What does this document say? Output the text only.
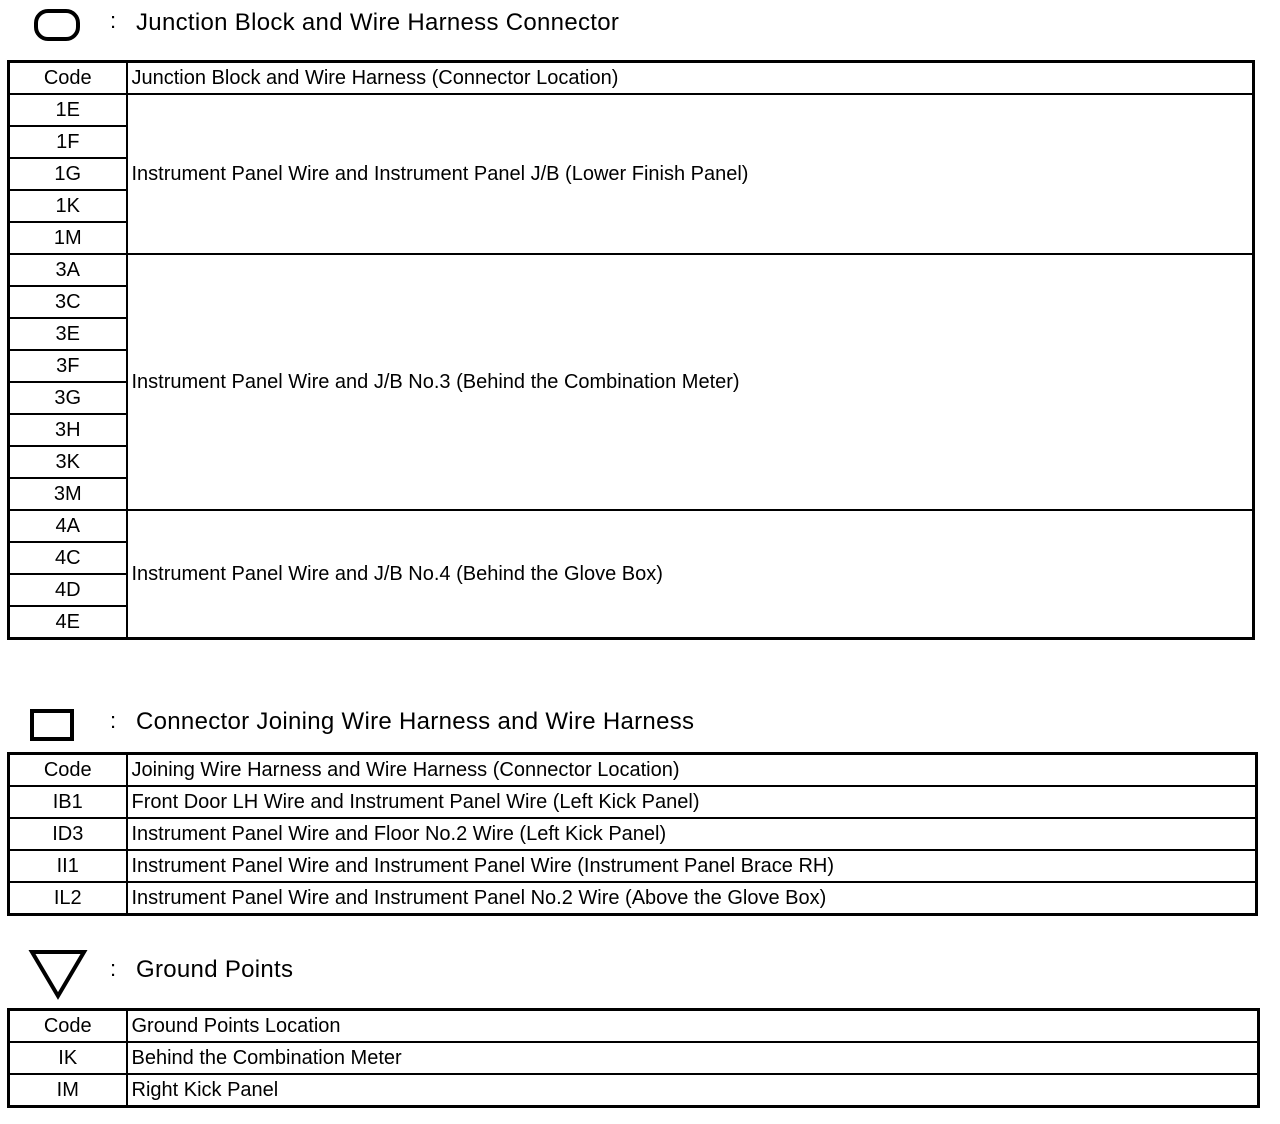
: Junction Block and Wire Harness Connector
Code	Junction Block and Wire Harness (Connector Location)
1E	Instrument Panel Wire and Instrument Panel J/B (Lower Finish Panel)
1F	
1G	
1K	
1M	
3A	Instrument Panel Wire and J/B No.3 (Behind the Combination Meter)
3C	
3E	
3F	
3G	
3H	
3K	
3M	
4A	Instrument Panel Wire and J/B No.4 (Behind the Glove Box)
4C	
4D	
4E	
: Connector Joining Wire Harness and Wire Harness
Code	Joining Wire Harness and Wire Harness (Connector Location)
IB1	Front Door LH Wire and Instrument Panel Wire (Left Kick Panel)
ID3	Instrument Panel Wire and Floor No.2 Wire (Left Kick Panel)
II1	Instrument Panel Wire and Instrument Panel Wire (Instrument Panel Brace RH)
IL2	Instrument Panel Wire and Instrument Panel No.2 Wire (Above the Glove Box)
: Ground Points
Code	Ground Points Location
IK	Behind the Combination Meter
IM	Right Kick Panel
